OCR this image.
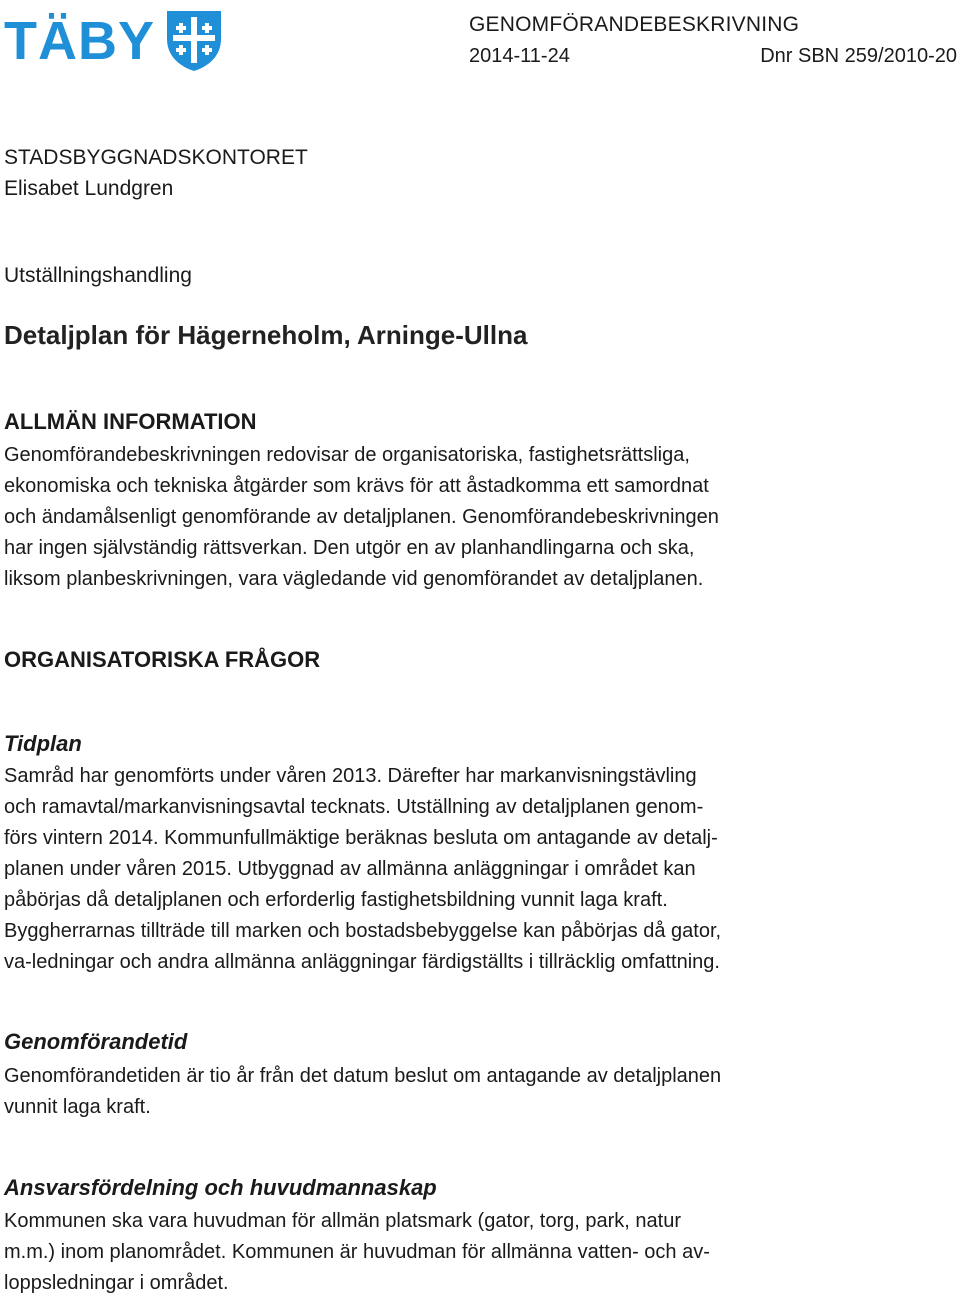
TÄBY	GENOMFÖRANDEBESKRIVNING
2014-11-24	Dnr SBN 259/2010-20
STADSBYGGNADSKONTORET
Elisabet Lundgren
Utställningshandling
Detaljplan för Hägerneholm, Arninge-Ullna
ALLMÄN INFORMATION
Genomförandebeskrivningen redovisar de organisatoriska, fastighetsrättsliga,
ekonomiska och tekniska åtgärder som krävs för att åstadkomma ett samordnat
och ändamålsenligt genomförande av detaljplanen. Genomförandebeskrivningen
har ingen självständig rättsverkan. Den utgör en av planhandlingarna och ska,
liksom planbeskrivningen, vara vägledande vid genomförandet av detaljplanen.
ORGANISATORISKA FRÅGOR
Tidplan
Samråd har genomförts under våren 2013. Därefter har markanvisningstävling
och ramavtal/markanvisningsavtal tecknats. Utställning av detaljplanen genom-
förs vintern 2014. Kommunfullmäktige beräknas besluta om antagande av detalj-
planen under våren 2015. Utbyggnad av allmänna anläggningar i området kan
påbörjas då detaljplanen och erforderlig fastighetsbildning vunnit laga kraft.
Byggherrarnas tillträde till marken och bostadsbebyggelse kan påbörjas då gator,
va-ledningar och andra allmänna anläggningar färdigställts i tillräcklig omfattning.
Genomförandetid
Genomförandetiden är tio år från det datum beslut om antagande av detaljplanen
vunnit laga kraft.
Ansvarsfördelning och huvudmannaskap
Kommunen ska vara huvudman för allmän platsmark (gator, torg, park, natur
m.m.) inom planområdet. Kommunen är huvudman för allmänna vatten- och av-
loppsledningar i området.
